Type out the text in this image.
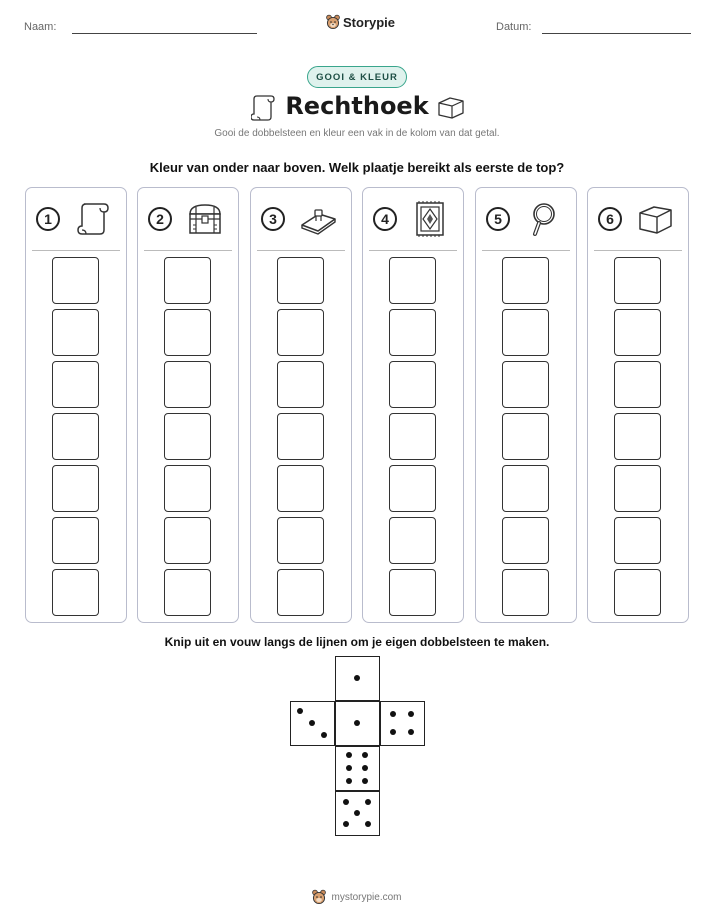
Naam:	Storypie	Datum:
GOOI & KLEUR
Rechthoek
Gooi de dobbelsteen en kleur een vak in de kolom van dat getal.
Kleur van onder naar boven. Welk plaatje bereikt als eerste de top?
1	2	3	4	5	6
Knip uit en vouw langs de lijnen om je eigen dobbelsteen te maken.
mystorypie.com
